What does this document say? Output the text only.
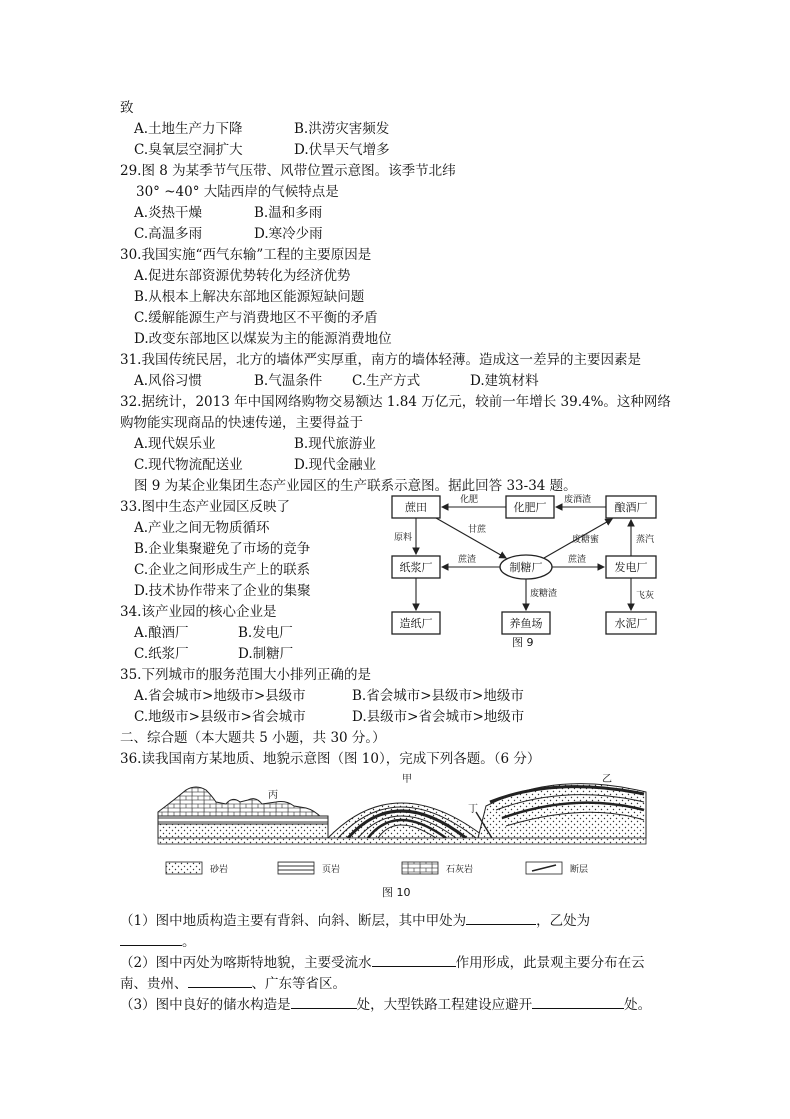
致
A.土地生产力下降	B.洪涝灾害频发
C.臭氧层空洞扩大	D.伏旱天气增多
29.图 8 为某季节气压带、风带位置示意图。该季节北纬
30° ~40° 大陆西岸的气候特点是
A.炎热干燥	B.温和多雨
C.高温多雨	D.寒冷少雨
30.我国实施“西气东输”工程的主要原因是
A.促进东部资源优势转化为经济优势
B.从根本上解决东部地区能源短缺问题
C.缓解能源生产与消费地区不平衡的矛盾
D.改变东部地区以煤炭为主的能源消费地位
31.我国传统民居，北方的墙体严实厚重，南方的墙体轻薄。造成这一差异的主要因素是
A.风俗习惯	B.气温条件 C.生产方式	D.建筑材料
32.据统计，2013 年中国网络购物交易额达 1.84 万亿元，较前一年增长 39.4%。这种网络
购物能实现商品的快速传递，主要得益于
A.现代娱乐业	B.现代旅游业
C.现代物流配送业	D.现代金融业
图 9 为某企业集团生态产业园区的生产联系示意图。据此回答 33-34 题。
33.图中生态产业园区反映了
A.产业之间无物质循环
B.企业集聚避免了市场的竞争
C.企业之间形成生产上的联系
D.技术协作带来了企业的集聚
34.该产业园的核心企业是
A.酿酒厂	B.发电厂
C.纸浆厂	D.制糖厂
蔗田	化肥厂	酿酒厂
纸浆厂	制糖厂	发电厂
造纸厂	养鱼场	水泥厂
化肥	废酒渣
甘蔗
废糖蜜
原料
蔗渣	蔗渣
蒸汽
废糖渣	飞灰
图 9
35.下列城市的服务范围大小排列正确的是
A.省会城市>地级市>县级市	B.省会城市>县级市>地级市
C.地级市>县级市>省会城市	D.县级市>省会城市>地级市
二、综合题（本大题共 5 小题，共 30 分。）
36.读我国南方某地质、地貌示意图（图 10），完成下列各题。（6 分）
丙
甲	乙
丁
砂岩	页岩	石灰岩	断层
图 10
（1）图中地质构造主要有背斜、向斜、断层，其中甲处为	，乙处为
。
（2）图中丙处为喀斯特地貌，主要受流水	作用形成，此景观主要分布在云
南、贵州、	、广东等省区。
（3）图中良好的储水构造是	处，大型铁路工程建设应避开	处。
